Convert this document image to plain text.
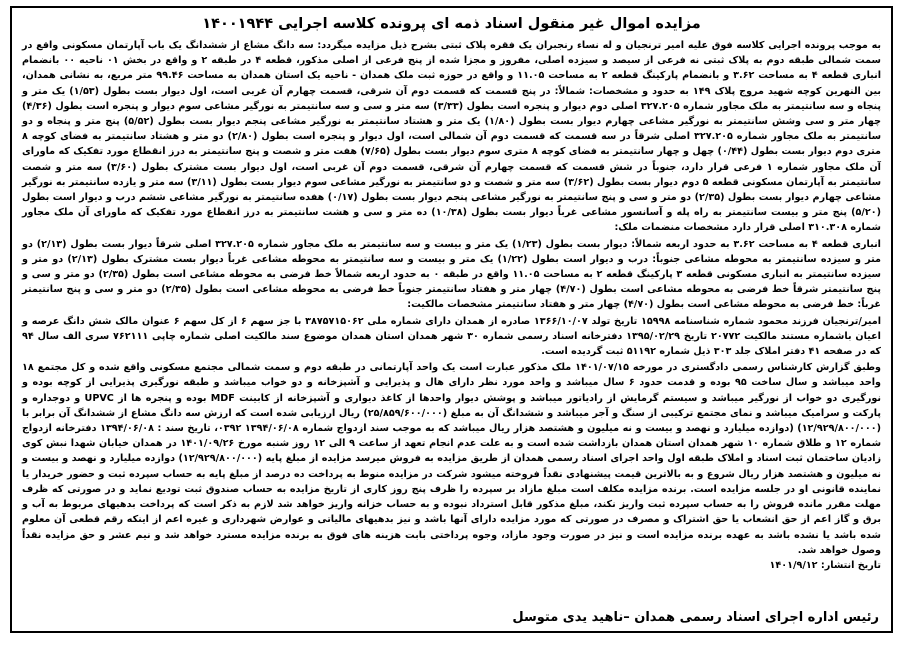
مزایده اموال غیر منقول اسناد ذمه ای پرونده کلاسه اجرایی ۱۴۰۰۱۹۴۴

به موجب پرونده اجرایی کلاسه فوق علیه امیر ترنجیان و له نساء رنجبران یک فقره پلاک ثبتی بشرح ذیل مزایده میگردد: سه دانگ مشاع از ششدانگ یک باب آپارتمان مسکونی واقع در سمت شمالی طبقه دوم به پلاک ثبتی نه فرعی از سیصد و سیزده اصلی، مفروز و مجزا شده از پنج فرعی از اصلی مذکور، قطعه ۴ در طبقه ۲ و واقع در بخش ۰۱ ناحیه ۰۰ بانضمام انباری قطعه ۴ به مساحت ۳.۶۲ و بانضمام پارکینگ قطعه ۲ به مساحت ۱۱.۰۵ و واقع در حوزه ثبت ملک همدان - ناحیه یک استان همدان به مساحت ۹۹.۴۶ متر مربع، به نشانی همدان، بین النهرین کوچه شهید مروج پلاک ۱۴۹ به حدود و مشخصات: شمالاً: در پنج قسمت که قسمت دوم آن شرقی، قسمت چهارم آن غربی است، اول دیوار بست بطول (۱/۵۳) یک متر و پنجاه و سه سانتیمتر به ملک مجاور شماره ۳۲۷.۲۰۵ اصلی دوم دیوار و پنجره است بطول (۳/۳۳) سه متر و سی و سه سانتیمتر به نورگیر مشاعی سوم دیوار و پنجره است بطول (۴/۳۶) چهار متر و سی وشش سانتیمتر به نورگیر مشاعی چهارم دیوار بست بطول (۱/۸۰) یک متر و هشتاد سانتیمتر به نورگیر مشاعی پنجم دیوار بست بطول (۵/۵۲) پنج متر و پنجاه و دو سانتیمتر به ملک مجاور شماره ۳۲۷.۲۰۵ اصلی شرقاً در سه قسمت که قسمت دوم آن شمالی است، اول دیوار و پنجره است بطول (۲/۸۰) دو متر و هشتاد سانتیمتر به فضای کوچه ۸ متری دوم دیوار بست بطول (۰/۴۴) چهل و چهار سانتیمتر به فضای کوچه ۸ متری سوم دیوار بست بطول (۷/۶۵) هفت متر و شصت و پنج سانتیمتر به درز انقطاع مورد تفکیک که ماورای آن ملک مجاور شماره ۱ فرعی قرار دارد، جنوباً در شش قسمت که قسمت چهارم آن شرقی، قسمت دوم آن غربی است، اول دیوار بست مشترک بطول (۳/۶۰) سه متر و شصت سانتیمتر به آپارتمان مسکونی قطعه ۵ دوم دیوار بست بطول (۳/۶۲) سه متر و شصت و دو سانتیمتر به نورگیر مشاعی سوم دیوار بست بطول (۳/۱۱) سه متر و یازده سانتیمتر به نورگیر مشاعی چهارم دیوار بست بطول (۲/۳۵) دو متر و سی و پنج سانتیمتر به نورگیر مشاعی پنجم دیوار بست بطول (۰/۱۷) هفده سانتیمتر به نورگیر مشاعی ششم درب و دیوار است بطول (۵/۲۰) پنج متر و بیست سانتیمتر به راه پله و آسانسور مشاعی غرباً دیوار بست بطول (۱۰/۳۸) ده متر و سی و هشت سانتیمتر به درز انقطاع مورد تفکیک که ماورای آن ملک مجاور شماره ۳۱۰.۳۰۸ اصلی قرار دارد مشخصات منضمات ملک:

انباری قطعه ۴ به مساحت ۳.۶۲ به حدود اربعه شمالاً: دیوار بست بطول (۱/۲۳) یک متر و بیست و سه سانتیمتر به ملک مجاور شماره ۳۲۷.۲۰۵ اصلی شرقاً دیوار بست بطول (۲/۱۳) دو متر و سیزده سانتیمتر به محوطه مشاعی جنوباً: درب و دیوار است بطول (۱/۲۲) یک متر و بیست و سه سانتیمتر به محوطه مشاعی غرباً دیوار بست مشترک بطول (۲/۱۳) دو متر و سیزده سانتیمتر به انباری مسکونی قطعه ۳ پارکینگ قطعه ۲ به مساحت ۱۱.۰۵ واقع در طبقه ۰ به حدود اربعه شمالاً خط فرضی به محوطه مشاعی است بطول (۲/۳۵) دو متر و سی و پنج سانتیمتر شرقاً خط فرضی به محوطه مشاعی است بطول (۴/۷۰) چهار متر و هفتاد سانتیمتر جنوباً خط فرضی به محوطه مشاعی است بطول (۲/۳۵) دو متر و سی و پنج سانتیمتر غرباً: خط فرضی به محوطه مشاعی است بطول (۴/۷۰) چهار متر و هفتاد سانتیمتر مشخصات مالکیت:

امیر/ترنجیان فرزند محمود شماره شناسنامه ۱۵۹۹۸ تاریخ تولد ۱۳۶۶/۱۰/۰۷ صادره از همدان دارای شماره ملی ۳۸۷۵۷۱۵۰۶۲ با جز سهم ۶ از کل سهم ۶ عنوان مالک شش دانگ عرصه و اعیان باشماره مستند مالکیت ۲۰۷۷۲ تاریخ ۱۳۹۵/۰۲/۲۹ دفترخانه اسناد رسمی شماره ۳۰ شهر همدان استان همدان موضوع سند مالکیت اصلی شماره چاپی ۷۶۲۱۱۱ سری الف سال ۹۴ که در صفحه ۴۱ دفتر املاک جلد ۳۰۳ ذیل شماره ۵۱۱۹۲ ثبت گردیده است.

وطبق گزارش کارشناس رسمی دادگستری در مورخه ۱۴۰۱/۰۷/۱۵ ملک مذکور عبارت است یک واحد آپارتمانی در طبقه دوم و سمت شمالی مجتمع مسکونی واقع شده و کل مجتمع ۱۸ واحد میباشد و سال ساخت ۹۵ بوده و قدمت حدود ۶ سال میباشد و واحد مورد نظر دارای هال و پذیرایی و آشپزخانه و دو خواب میباشد و طبقه نورگیری پذیرایی از کوچه بوده و نورگیری دو خواب از نورگیر میباشد و سیستم گرمایش از رادیاتور میباشد و پوشش دیوار واحدها از کاغذ دیواری و آشپزخانه از کابینت MDF بوده و پنجره ها از UPVC و دوجداره و پارکت و سرامیک میباشد و نمای مجتمع ترکیبی از سنگ و آجر میباشد و ششدانگ آن به مبلغ (۲۵/۸۵۹/۶۰۰/۰۰۰) ریال ارزیابی شده است که ارزش سه دانگ مشاع از ششدانگ آن برابر با (۱۲/۹۲۹/۸۰۰/۰۰۰) (دوازده میلیارد و نهصد و بیست و نه میلیون و هشتصد هزار ریال میباشد که به موجب سند ازدواج شماره ۱۳۹۴/۰۶/۰۸ ۰۳۹۲، تاریخ سند : ۱۳۹۴/۰۶/۰۸ دفترخانه ازدواج شماره ۱۲ و طلاق شماره ۱۰ شهر همدان استان همدان بازداشت شده است و به علت عدم انجام تعهد از ساعت ۹ الی ۱۲ روز شنبه مورخ ۱۴۰۱/۰۹/۲۶ در همدان خیابان شهدا نبش کوی زادیان ساختمان ثبت اسناد و املاک طبقه اول واحد اجرای اسناد رسمی همدان از طریق مزایده به فروش میرسد مزایده از مبلغ پایه (۱۲/۹۲۹/۸۰۰/۰۰۰) دوازده میلیارد و نهصد و بیست و نه میلیون و هشتصد هزار ریال شروع و به بالاترین قیمت پیشنهادی نقداً فروخته میشود شرکت در مزایده منوط به پرداخت ده درصد از مبلغ پایه به حساب سپرده ثبت و حضور خریدار یا نماینده قانونی او در جلسه مزایده است. برنده مزایده مکلف است مبلغ مازاد بر سپرده را ظرف پنج روز کاری از تاریخ مزایده به حساب صندوق ثبت تودیع نماید و در صورتی که ظرف مهلت مقرر مانده فروش را به حساب سپرده ثبت واریز نکند، مبلغ مذکور قابل استرداد نبوده و به حساب خزانه واریز خواهد شد لازم به ذکر است که پرداخت بدهیهای مربوط به آب و برق و گاز اعم از حق انشعاب یا حق اشتراک و مصرف در صورتی که مورد مزایده دارای آنها باشد و نیز بدهیهای مالیاتی و عوارض شهرداری و غیره اعم از اینکه رقم قطعی آن معلوم شده باشد یا نشده باشد به عهده برنده مزایده است و نیز در صورت وجود مازاد، وجوه پرداختی بابت هزینه های فوق به برنده مزایده مسترد خواهد شد و نیم عشر و حق مزایده نقداً وصول خواهد شد.

تاریخ انتشار: ۱۴۰۱/۹/۱۲
رئیس اداره اجرای اسناد رسمی همدان –ناهید یدی متوسل
